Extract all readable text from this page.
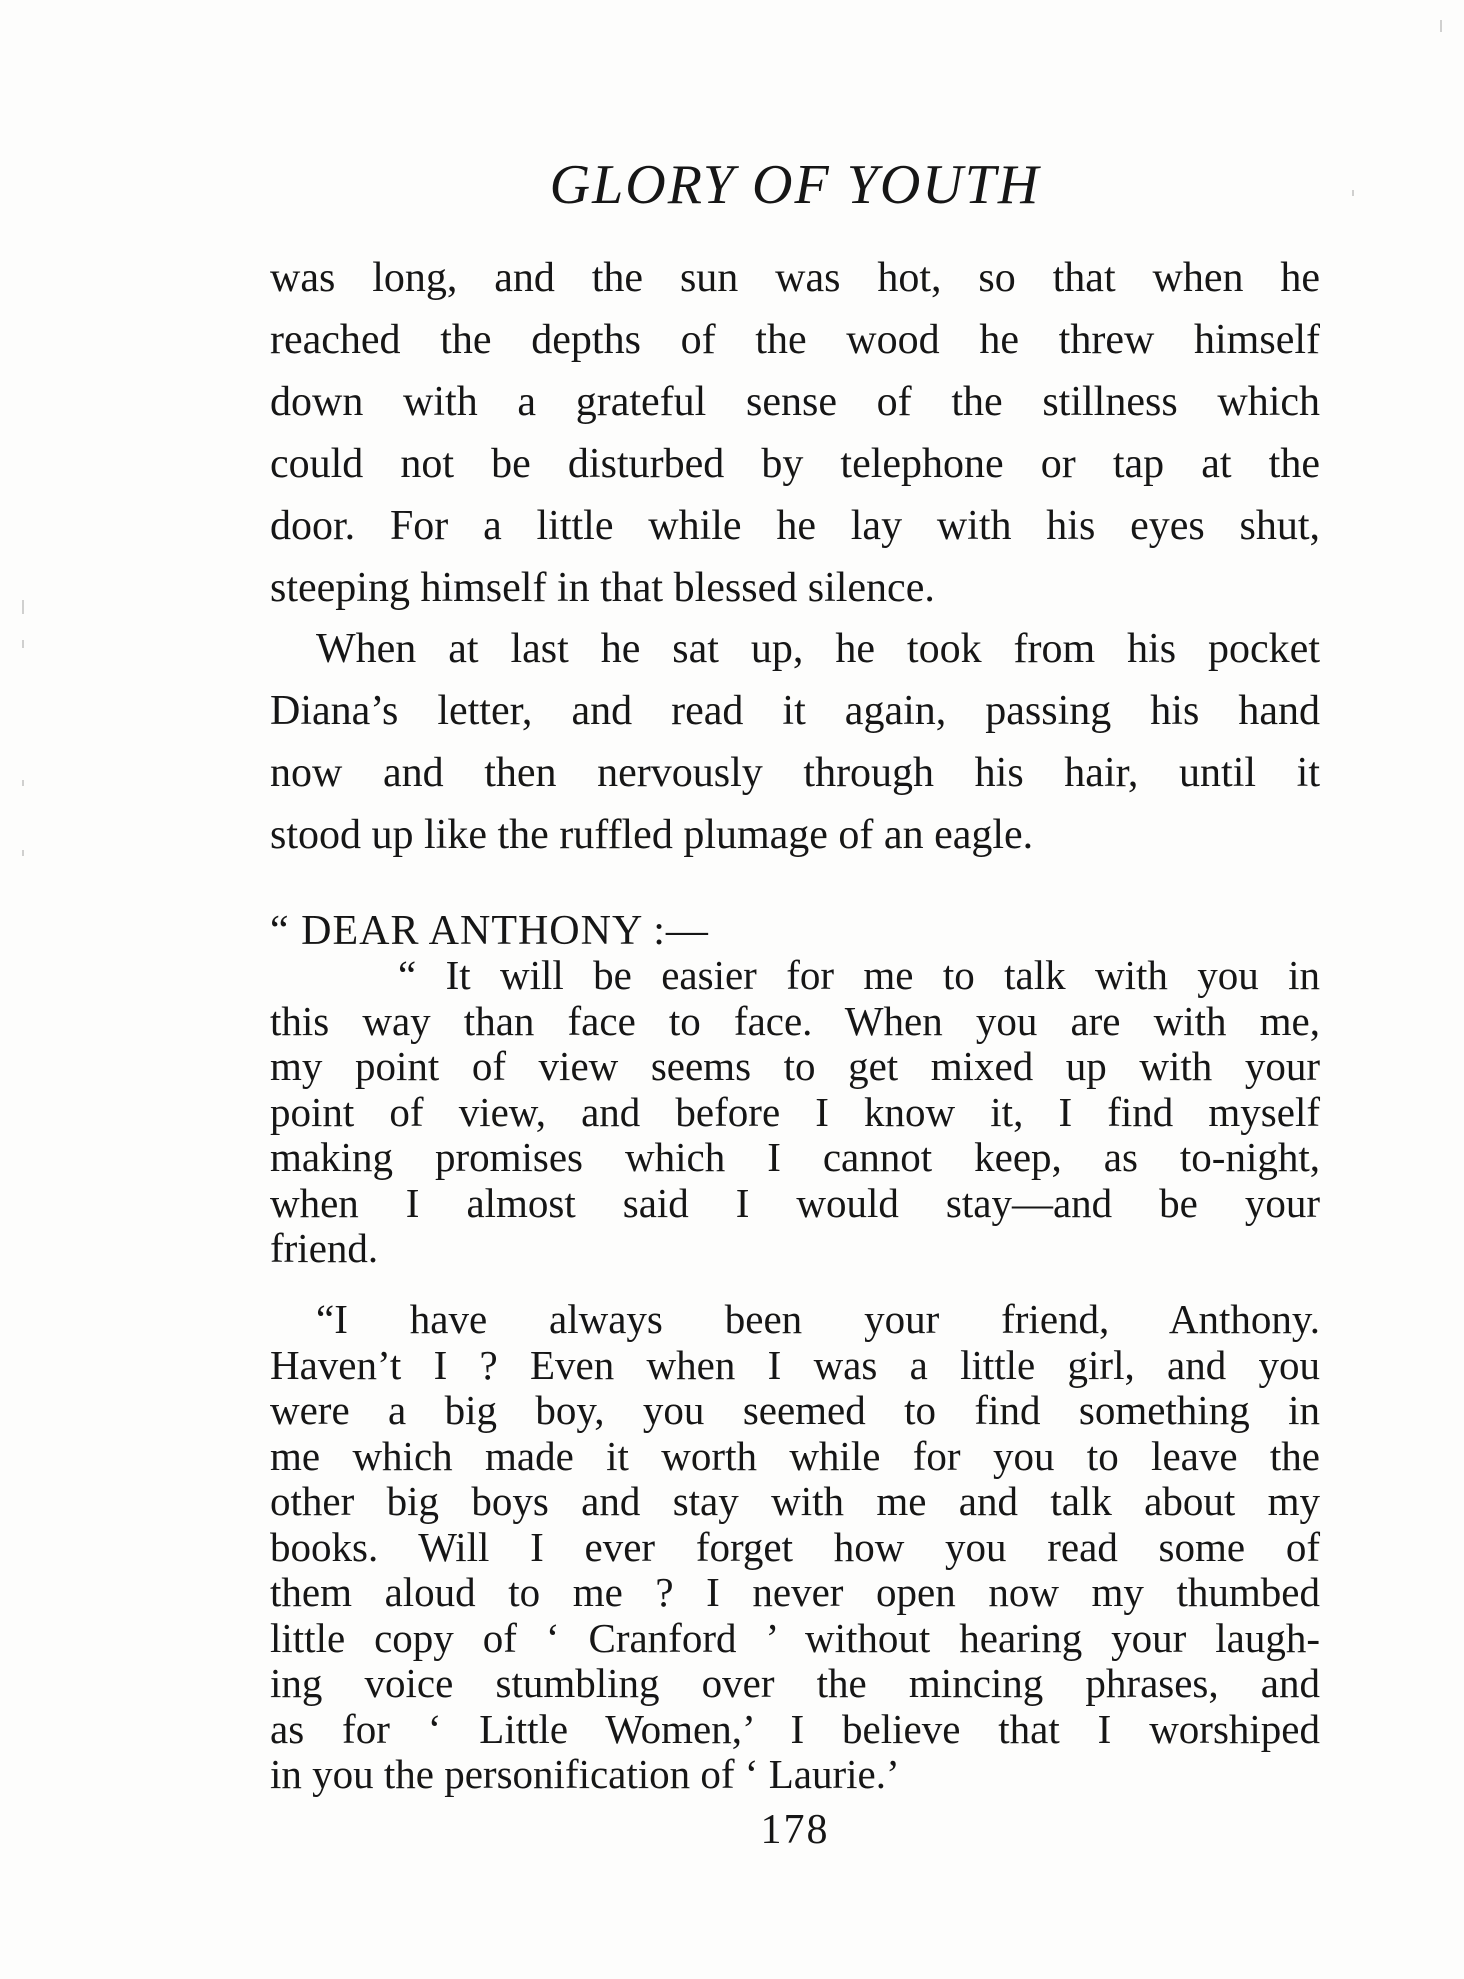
GLORY OF YOUTH
was long, and the sun was hot, so that when he
reached the depths of the wood he threw himself
down with a grateful sense of the stillness which
could not be disturbed by telephone or tap at the
door. For a little while he lay with his eyes shut,
steeping himself in that blessed silence.
When at last he sat up, he took from his pocket
Diana’s letter, and read it again, passing his hand
now and then nervously through his hair, until it
stood up like the ruffled plumage of an eagle.
“ DEAR ANTHONY :—
“ It will be easier for me to talk with you in
this way than face to face. When you are with me,
my point of view seems to get mixed up with your
point of view, and before I know it, I find myself
making promises which I cannot keep, as to-night,
when I almost said I would stay—and be your
friend.
“I have always been your friend, Anthony.
Haven’t I ? Even when I was a little girl, and you
were a big boy, you seemed to find something in
me which made it worth while for you to leave the
other big boys and stay with me and talk about my
books. Will I ever forget how you read some of
them aloud to me ? I never open now my thumbed
little copy of ‘ Cranford ’ without hearing your laugh-
ing voice stumbling over the mincing phrases, and
as for ‘ Little Women,’ I believe that I worshiped
in you the personification of ‘ Laurie.’
178
